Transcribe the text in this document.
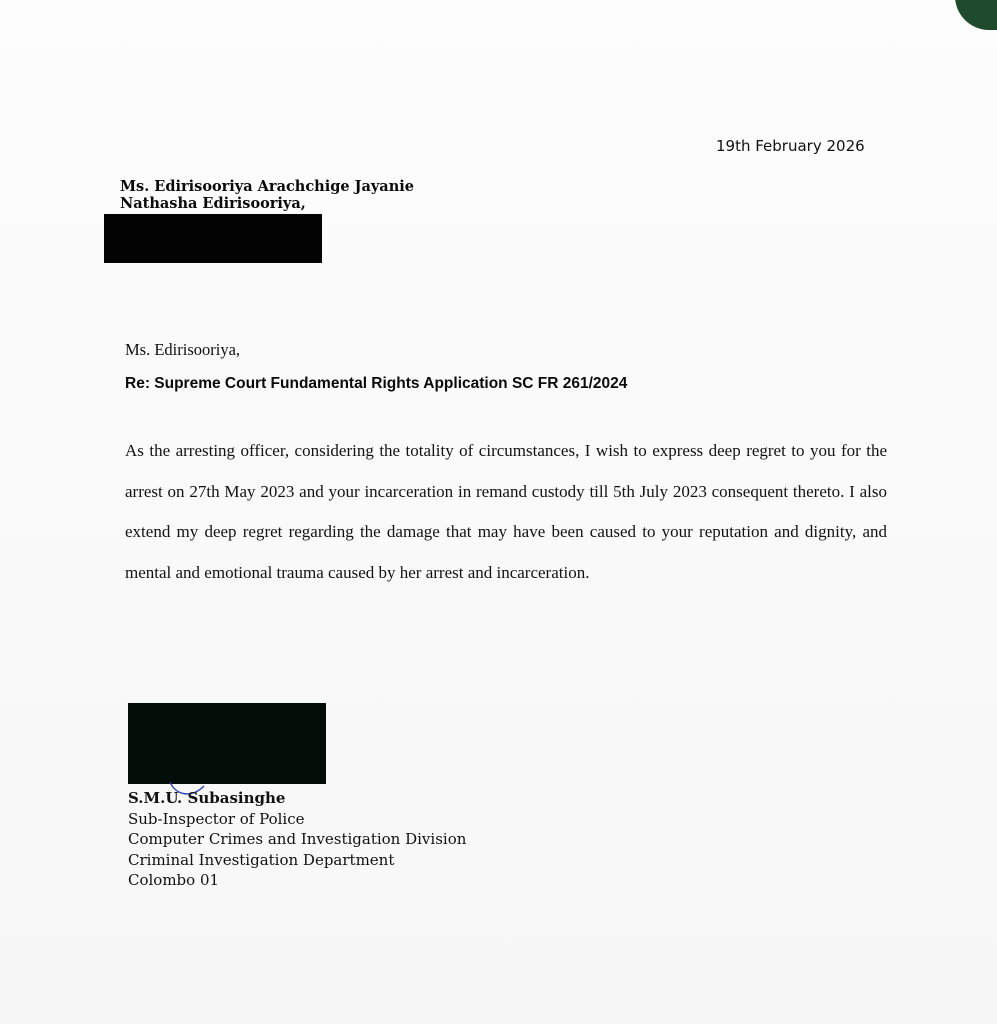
19th February 2026
Ms. Edirisooriya Arachchige Jayanie
Nathasha Edirisooriya,
Ms. Edirisooriya,
Re: Supreme Court Fundamental Rights Application SC FR 261/2024
As the arresting officer, considering the totality of circumstances, I wish to express deep regret to you for the arrest on 27th May 2023 and your incarceration in remand custody till 5th July 2023 consequent thereto. I also extend my deep regret regarding the damage that may have been caused to your reputation and dignity, and mental and emotional trauma caused by her arrest and incarceration.
S.M.U. Subasinghe
Sub-Inspector of Police
Computer Crimes and Investigation Division
Criminal Investigation Department
Colombo 01
